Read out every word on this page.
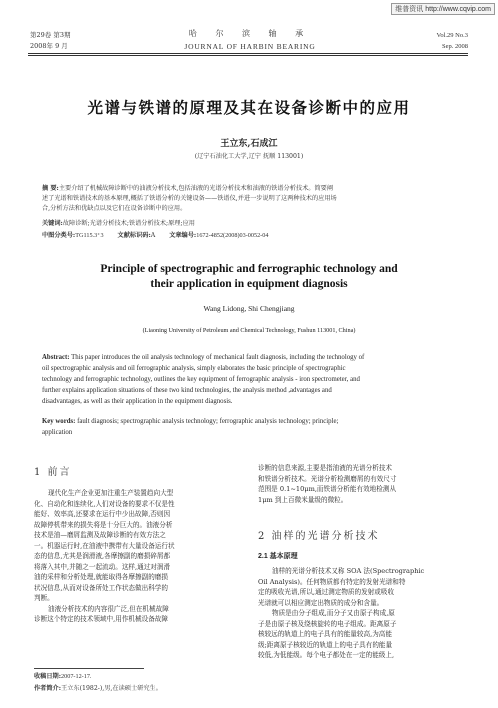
维普资讯 http://www.cqvip.com
第29卷 第3期
2008年 9 月
哈 尔 滨 轴 承
JOURNAL OF HARBIN BEARING
Vol.29 No.3
Sep. 2008
光谱与铁谱的原理及其在设备诊断中的应用
王立东,石成江
(辽宁石油化工大学,辽宁 抚顺 113001)
摘 要:主要介绍了机械故障诊断中的油液分析技术,包括油液的光谱分析技术和油液的铁谱分析技术。简要阐
述了光谱和铁谱技术的基本原理,概括了铁谱分析的关键设备——铁谱仪,并进一步说明了这两种技术的应用场
合,分析方法和优缺点以及它们在设备诊断中的应用。
关键词:故障诊断;光谱分析技术;铁谱分析技术;原理;应用
中图分类号:TG115.3⁺3 文献标识码:A 文章编号:1672-4852(2008)03-0052-04
Principle of spectrographic and ferrographic technology and
their application in equipment diagnosis
Wang Lidong, Shi Chengjiang
(Liaoning University of Petroleum and Chemical Technology, Fushun 113001, China)
Abstract: This paper introduces the oil analysis technology of mechanical fault diagnosis, including the technology of
oil spectrographic analysis and oil ferrographic analysis, simply elaborates the basic principle of spectrographic
technology and ferrographic technology, outlines the key equipment of ferrographic analysis - iron spectrometer, and
further explains application situations of these two kind technologies, the analysis method ,advantages and
disadvantages, as well as their application in the equipment diagnosis.
Key words: fault diagnosis; spectrographic analysis technology; ferrographic analysis technology; principle;
application
1 前言
现代化生产企业更加注重生产装置趋向大型
化、自动化和连续化,人们对设备的要求不仅是性
能好、效率高,还要求在运行中少出故障,否则因
故障停机带来的损失将是十分巨大的。油液分析
技术是油—磨屑监测及故障诊断的有效方法之
一。机器运行时,在油液中携带有大量设备运行状
态的信息,尤其是润滑液,各摩擦副的磨损碎屑都
将落入其中,并随之一起流动。这样,通过对润滑
油的采样和分析处理,就能取得各摩擦副的磨损
状况信息,从而对设备所处工作状态做出科学的
判断。
油液分析技术的内容很广泛,但在机械故障
诊断这个特定的技术领域中,用作机械设备故障
收稿日期:2007-12-17.
作者简介:王立东(1982-),男,在读硕士研究生。
诊断的信息来源,主要是指油液的光谱分析技术
和铁谱分析技术。光谱分析检测磨屑的有效尺寸
范围是 0.1~10μm,而铁谱分析能有效地检测从
1μm 到上百微米量级的微粒。
2 油样的光谱分析技术
2.1 基本原理
油样的光谱分析技术又称 SOA 法(Spectrographic
Oil Analysis)。任何物质都有特定的发射光谱和特
定的吸收光谱,所以,通过测定物质的发射或吸收
光谱就可以相应测定出物质的成分和含量。
物质是由分子组成,而分子又由原子构成,原
子是由原子核及绕核旋转的电子组成。距离原子
核较远的轨道上的电子具有的能量较高,为高能
级;距离原子核较近的轨道上的电子具有的能量
较低,为低能级。每个电子都处在一定的能级上,
